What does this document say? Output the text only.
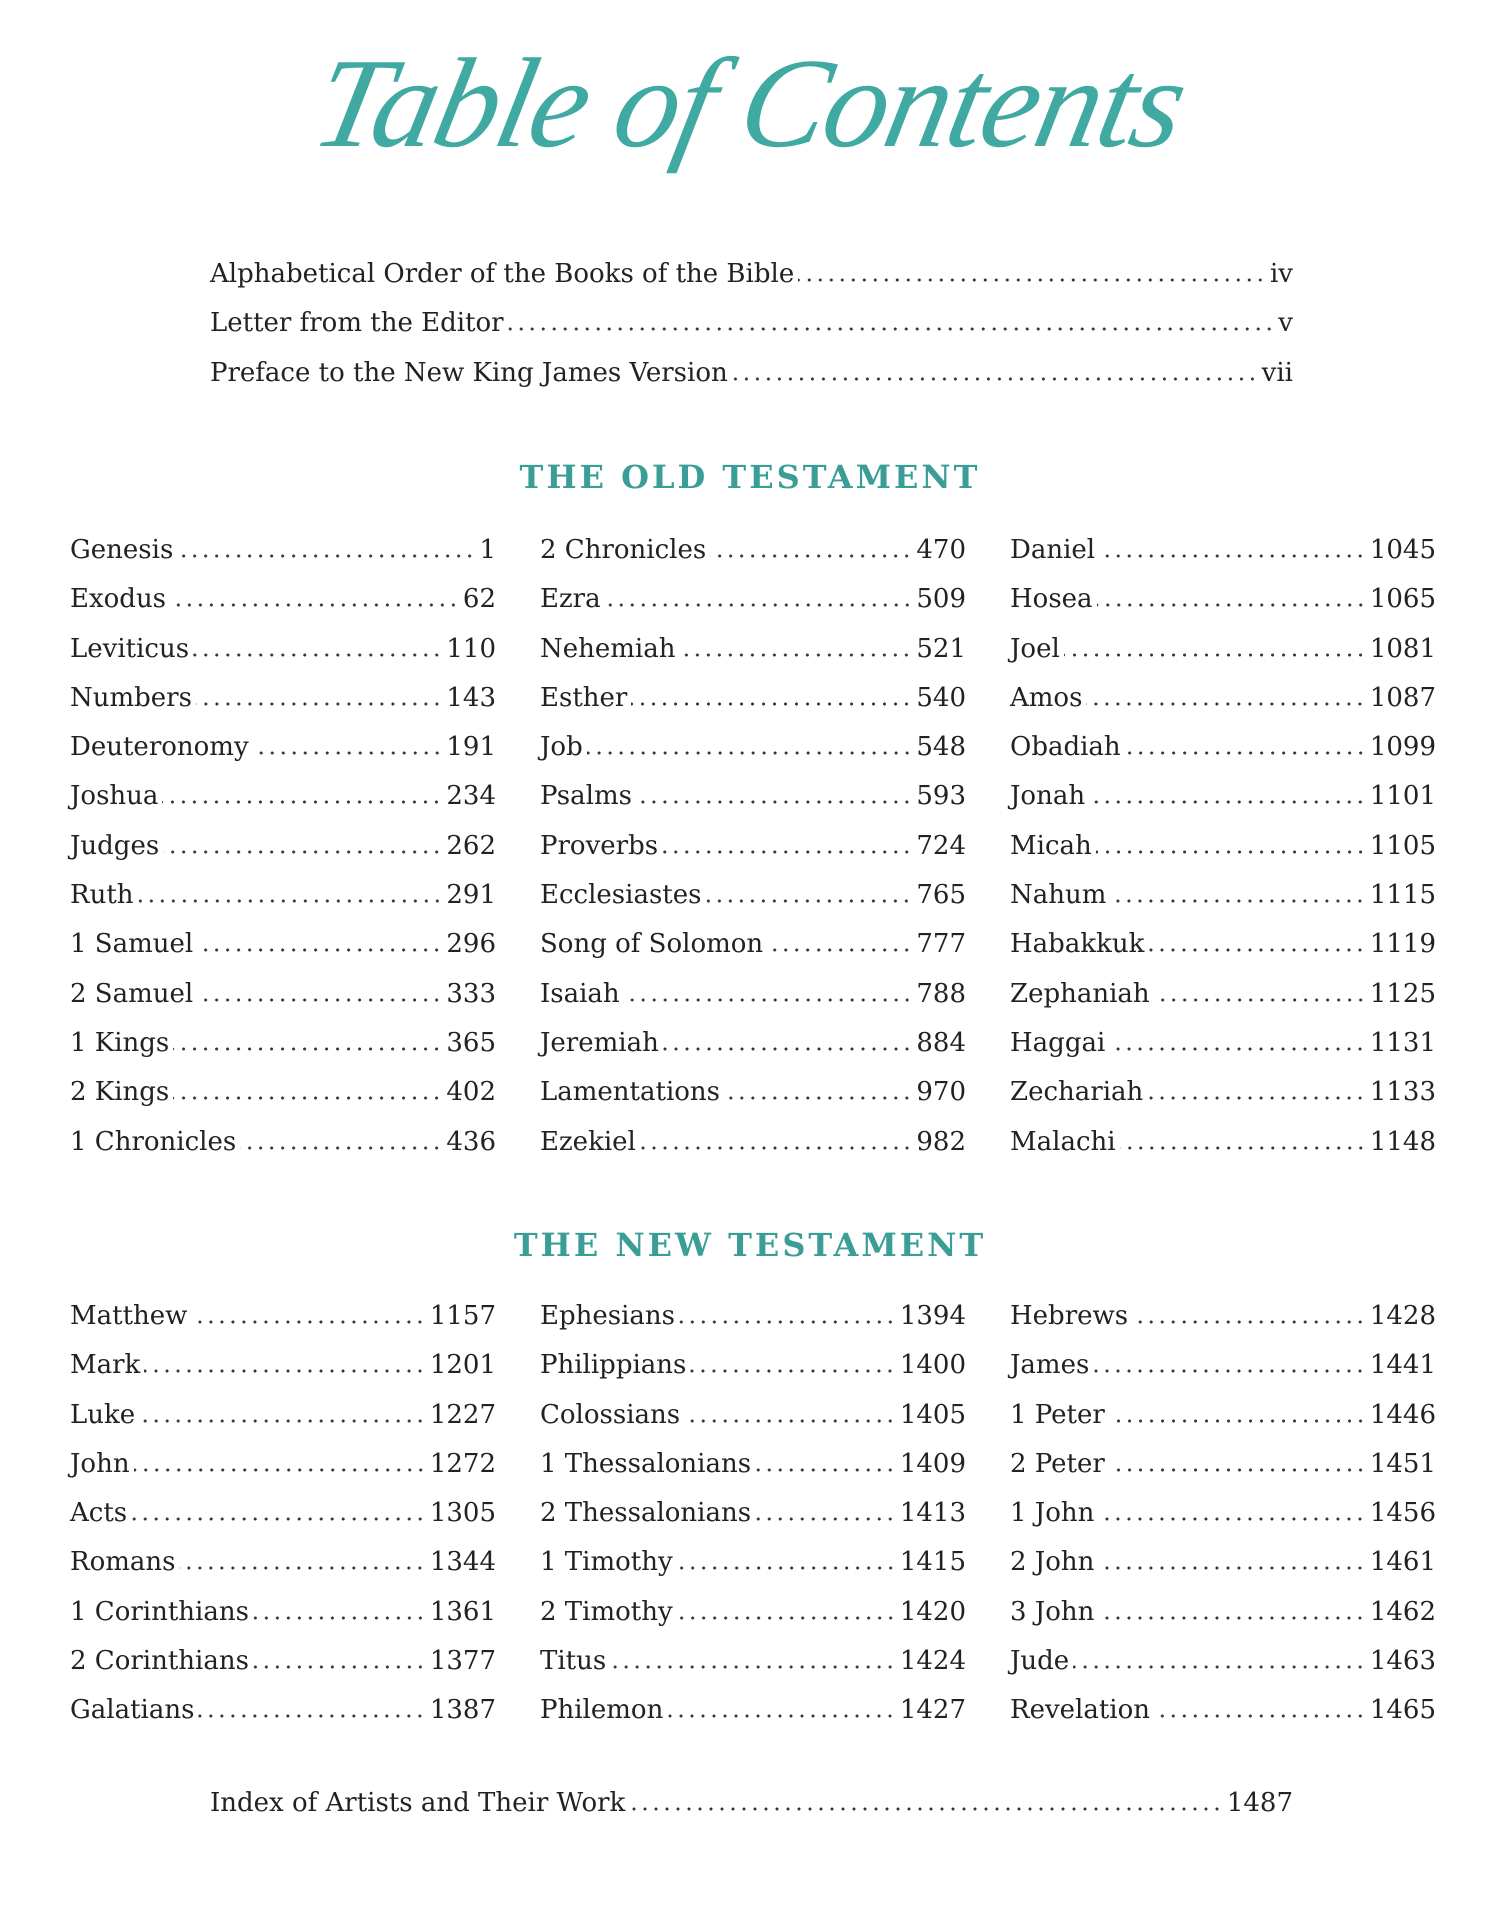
Table of Contents
Alphabetical Order of the Books of the Bible	iv
Letter from the Editor	v
Preface to the New King James Version	vii
THE OLD TESTAMENT
Genesis	1
Exodus	62
Leviticus	110
Numbers	143
Deuteronomy	191
Joshua	234
Judges	262
Ruth	291
1 Samuel	296
2 Samuel	333
1 Kings	365
2 Kings	402
1 Chronicles	436
2 Chronicles	470
Ezra	509
Nehemiah	521
Esther	540
Job	548
Psalms	593
Proverbs	724
Ecclesiastes	765
Song of Solomon	777
Isaiah	788
Jeremiah	884
Lamentations	970
Ezekiel	982
Daniel	1045
Hosea	1065
Joel	1081
Amos	1087
Obadiah	1099
Jonah	1101
Micah	1105
Nahum	1115
Habakkuk	1119
Zephaniah	1125
Haggai	1131
Zechariah	1133
Malachi	1148
THE NEW TESTAMENT
Matthew	1157
Mark	1201
Luke	1227
John	1272
Acts	1305
Romans	1344
1 Corinthians	1361
2 Corinthians	1377
Galatians	1387
Ephesians	1394
Philippians	1400
Colossians	1405
1 Thessalonians	1409
2 Thessalonians	1413
1 Timothy	1415
2 Timothy	1420
Titus	1424
Philemon	1427
Hebrews	1428
James	1441
1 Peter	1446
2 Peter	1451
1 John	1456
2 John	1461
3 John	1462
Jude	1463
Revelation	1465
Index of Artists and Their Work	1487
